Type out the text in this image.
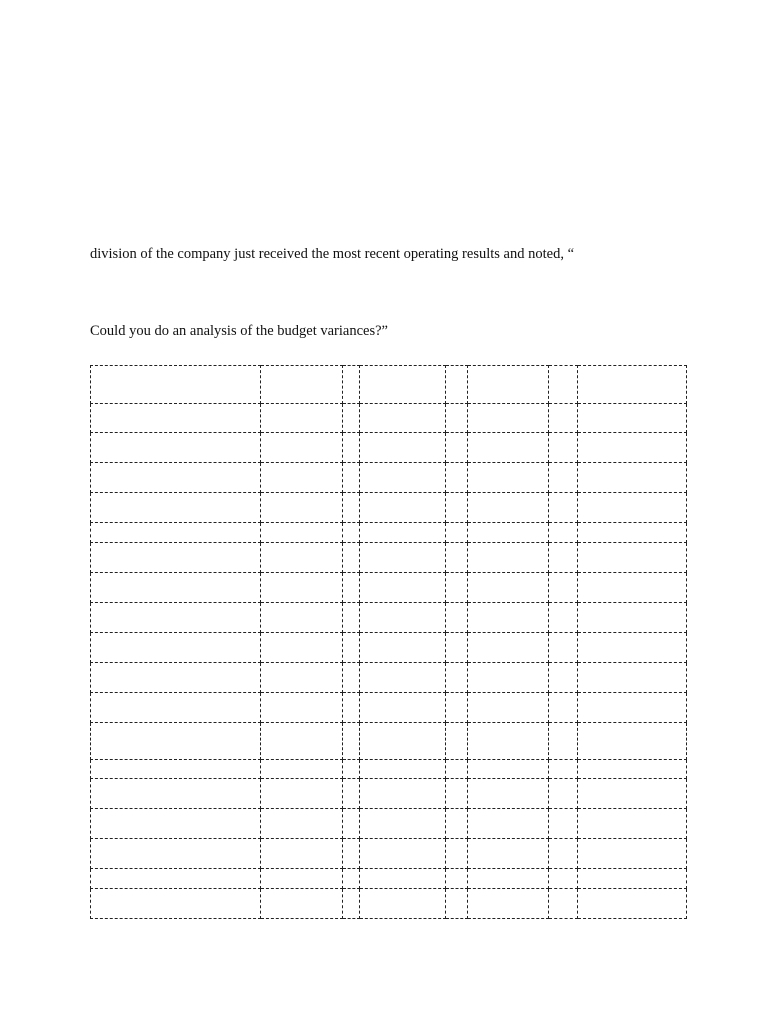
division of the company just received the most recent operating results and noted, “

Could you do an analysis of the budget variances?”
